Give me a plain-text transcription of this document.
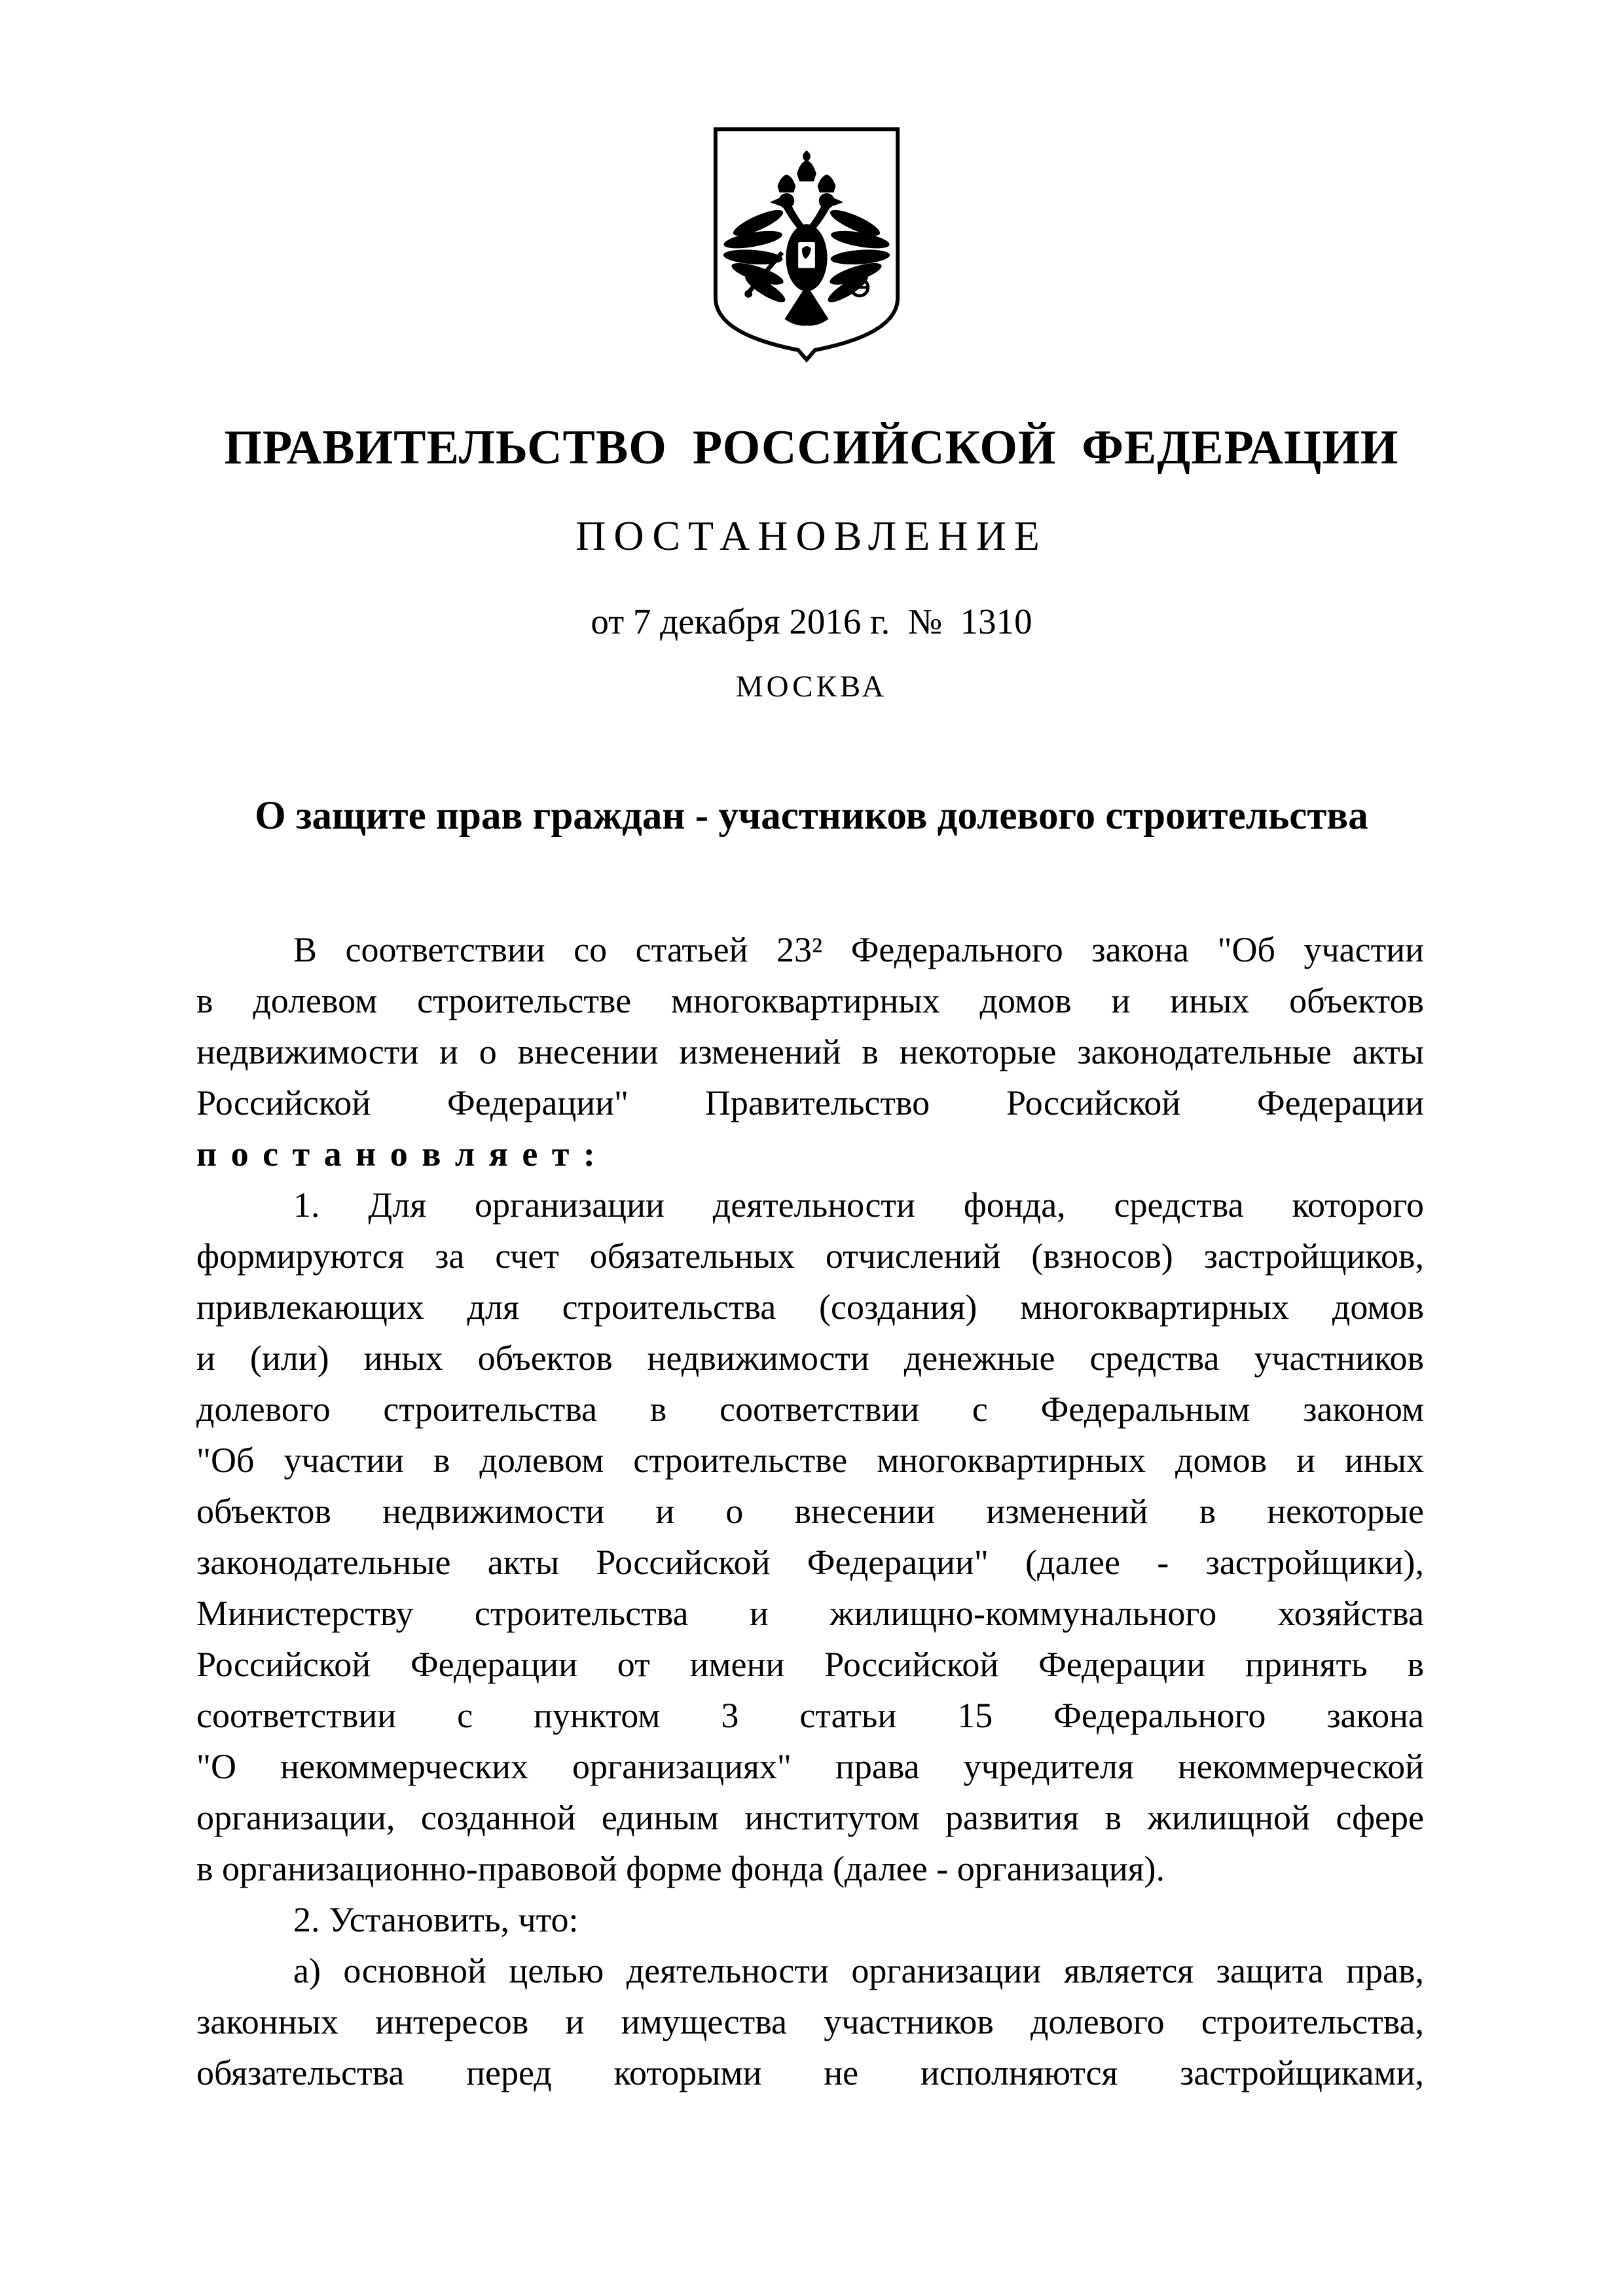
ПРАВИТЕЛЬСТВО  РОССИЙСКОЙ  ФЕДЕРАЦИИ
ПОСТАНОВЛЕНИЕ
от 7 декабря 2016 г.  №  1310
МОСКВА
О защите прав граждан - участников долевого строительства
В соответствии со статьей 23² Федерального закона "Об участии
в долевом строительстве многоквартирных домов и иных объектов
недвижимости и о внесении изменений в некоторые законодательные акты
Российской Федерации" Правительство Российской Федерации
п о с т а н о в л я е т :
1. Для организации деятельности фонда, средства которого
формируются за счет обязательных отчислений (взносов) застройщиков,
привлекающих для строительства (создания) многоквартирных домов
и (или) иных объектов недвижимости денежные средства участников
долевого строительства в соответствии с Федеральным законом
"Об участии в долевом строительстве многоквартирных домов и иных
объектов недвижимости и о внесении изменений в некоторые
законодательные акты Российской Федерации" (далее - застройщики),
Министерству строительства и жилищно-коммунального хозяйства
Российской Федерации от имени Российской Федерации принять в
соответствии с пунктом 3 статьи 15 Федерального закона
"О некоммерческих организациях" права учредителя некоммерческой
организации, созданной единым институтом развития в жилищной сфере
в организационно-правовой форме фонда (далее - организация).
2. Установить, что:
а) основной целью деятельности организации является защита прав,
законных интересов и имущества участников долевого строительства,
обязательства перед которыми не исполняются застройщиками,
